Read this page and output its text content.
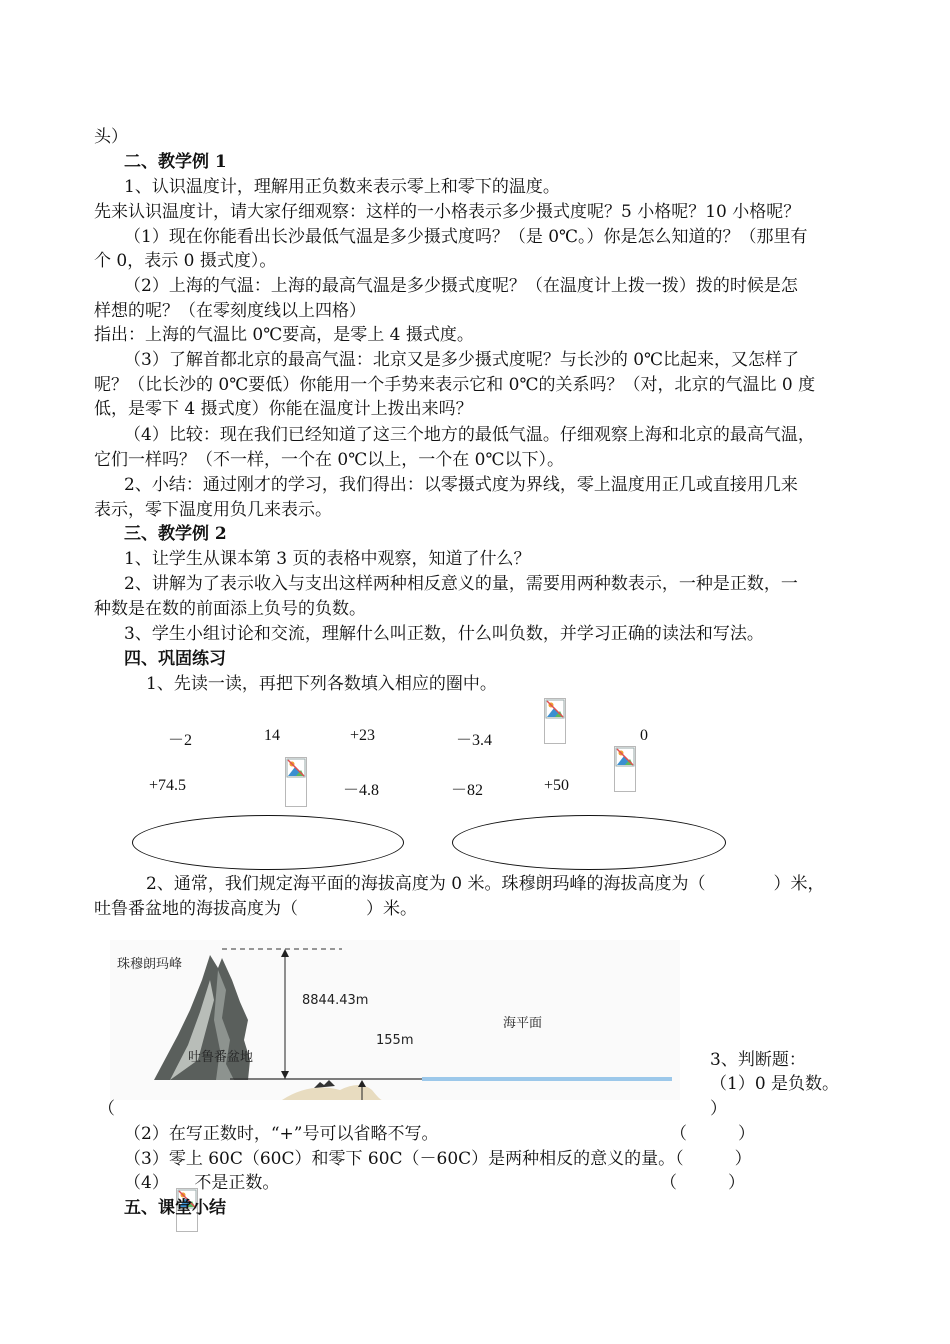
头）
二、教学例 1
1、认识温度计，理解用正负数来表示零上和零下的温度。
先来认识温度计，请大家仔细观察：这样的一小格表示多少摄式度呢？5 小格呢？10 小格呢？
（1）现在你能看出长沙最低气温是多少摄式度吗？（是 0℃。）你是怎么知道的？（那里有
个 0，表示 0 摄式度）。
（2）上海的气温：上海的最高气温是多少摄式度呢？（在温度计上拨一拨）拨的时候是怎
样想的呢？（在零刻度线以上四格）
指出：上海的气温比 0℃要高，是零上 4 摄式度。
（3）了解首都北京的最高气温：北京又是多少摄式度呢？与长沙的 0℃比起来，又怎样了
呢？（比长沙的 0℃要低）你能用一个手势来表示它和 0℃的关系吗？（对，北京的气温比 0 度
低，是零下 4 摄式度）你能在温度计上拨出来吗？
（4）比较：现在我们已经知道了这三个地方的最低气温。仔细观察上海和北京的最高气温，
它们一样吗？（不一样，一个在 0℃以上，一个在 0℃以下）。
2、小结：通过刚才的学习，我们得出：以零摄式度为界线，零上温度用正几或直接用几来
表示，零下温度用负几来表示。
三、教学例 2
1、让学生从课本第 3 页的表格中观察，知道了什么？
2、讲解为了表示收入与支出这样两种相反意义的量，需要用两种数表示，一种是正数，一
种数是在数的前面添上负号的负数。
3、学生小组讨论和交流，理解什么叫正数，什么叫负数，并学习正确的读法和写法。
四、巩固练习
1、先读一读，再把下列各数填入相应的圈中。
－2	14	+23	－3.4	0
+74.5	－4.8	－82	+50
2、通常，我们规定海平面的海拔高度为 0 米。珠穆朗玛峰的海拔高度为（　　　　）米，
吐鲁番盆地的海拔高度为（　　　　）米。
珠穆朗玛峰
8844.43m
海平面
155m
吐鲁番盆地	3、判断题：
（1）0 是负数。
（	）
（2）在写正数时，“+”号可以省略不写。	（　　　）
（3）零上 60C（60C）和零下 60C（－60C）是两种相反的意义的量。（　　　）
（4）　　不是正数。	（　　　）
五、课堂小结
